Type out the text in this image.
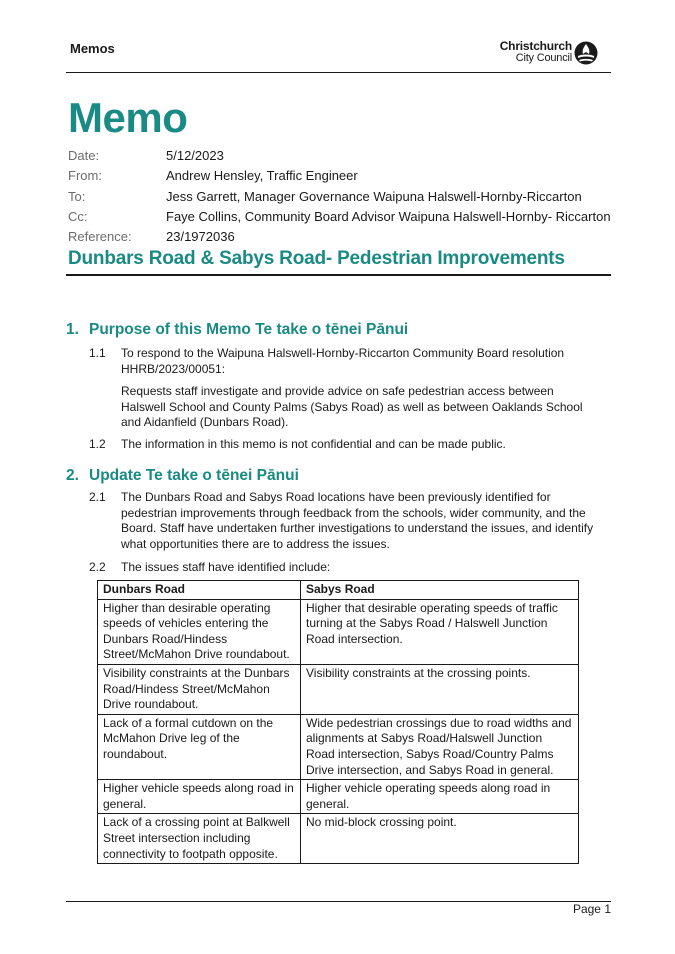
Memos	Christchurch
City Council
Memo
Date:	5/12/2023
From:	Andrew Hensley, Traffic Engineer
To:	Jess Garrett, Manager Governance Waipuna Halswell-Hornby-Riccarton
Cc:	Faye Collins, Community Board Advisor Waipuna Halswell-Hornby- Riccarton
Reference:	23/1972036
Dunbars Road & Sabys Road- Pedestrian Improvements
1. Purpose of this Memo Te take o tēnei Pānui
1.1 To respond to the Waipuna Halswell-Hornby-Riccarton Community Board resolution HHRB/2023/00051:
Requests staff investigate and provide advice on safe pedestrian access between Halswell School and County Palms (Sabys Road) as well as between Oaklands School and Aidanfield (Dunbars Road).
1.2 The information in this memo is not confidential and can be made public.
2. Update Te take o tēnei Pānui
2.1 The Dunbars Road and Sabys Road locations have been previously identified for pedestrian improvements through feedback from the schools, wider community, and the Board. Staff have undertaken further investigations to understand the issues, and identify what opportunities there are to address the issues.
2.2 The issues staff have identified include:
Dunbars Road	Sabys Road
Higher than desirable operating speeds of vehicles entering the Dunbars Road/Hindess Street/McMahon Drive roundabout.	Higher that desirable operating speeds of traffic turning at the Sabys Road / Halswell Junction Road intersection.
Visibility constraints at the Dunbars Road/Hindess Street/McMahon Drive roundabout.	Visibility constraints at the crossing points.
Lack of a formal cutdown on the McMahon Drive leg of the roundabout.	Wide pedestrian crossings due to road widths and alignments at Sabys Road/Halswell Junction Road intersection, Sabys Road/Country Palms Drive intersection, and Sabys Road in general.
Higher vehicle speeds along road in general.	Higher vehicle operating speeds along road in general.
Lack of a crossing point at Balkwell Street intersection including connectivity to footpath opposite.	No mid-block crossing point.
Page 1
